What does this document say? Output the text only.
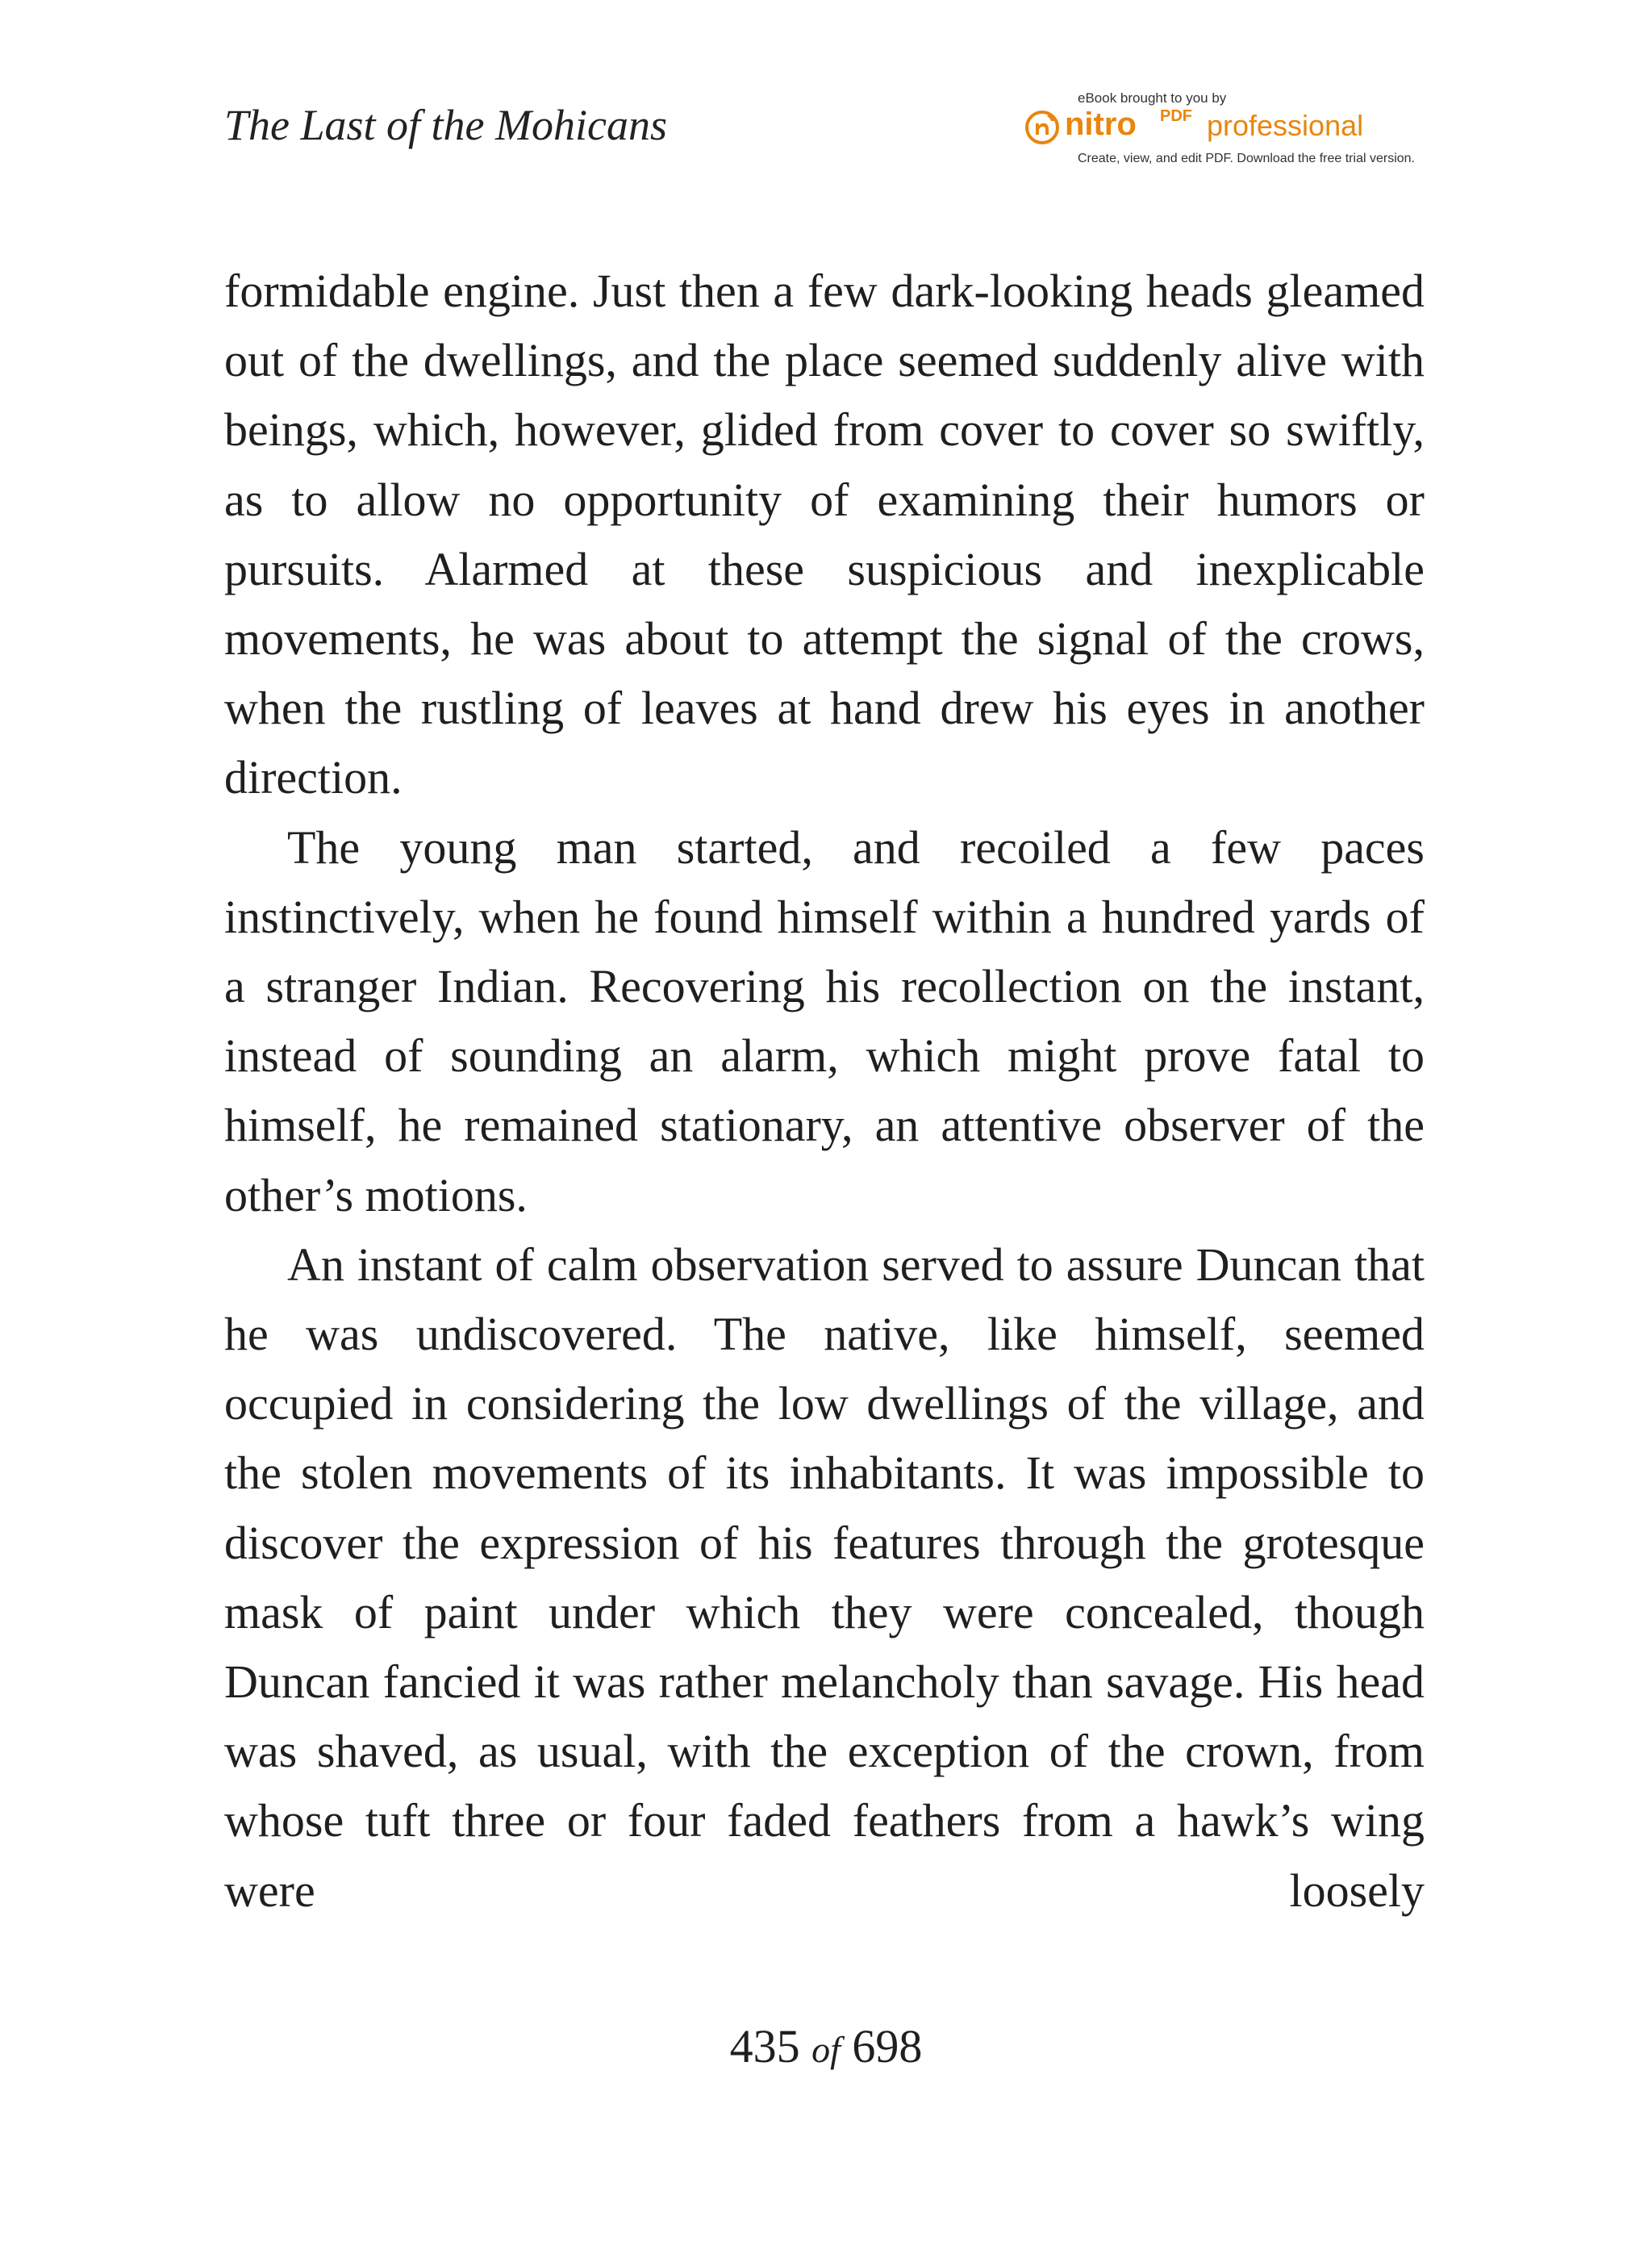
The Last of the Mohicans
eBook brought to you by
nitro PDF professional
Create, view, and edit PDF. Download the free trial version.

formidable engine. Just then a few dark-looking heads gleamed out of the dwellings, and the place seemed suddenly alive with beings, which, however, glided from cover to cover so swiftly, as to allow no opportunity of examining their humors or pursuits. Alarmed at these suspicious and inexplicable movements, he was about to attempt the signal of the crows, when the rustling of leaves at hand drew his eyes in another direction.

The young man started, and recoiled a few paces instinctively, when he found himself within a hundred yards of a stranger Indian. Recovering his recollection on the instant, instead of sounding an alarm, which might prove fatal to himself, he remained stationary, an attentive observer of the other’s motions.

An instant of calm observation served to assure Duncan that he was undiscovered. The native, like himself, seemed occupied in considering the low dwellings of the village, and the stolen movements of its inhabitants. It was impossible to discover the expression of his features through the grotesque mask of paint under which they were concealed, though Duncan fancied it was rather melancholy than savage. His head was shaved, as usual, with the exception of the crown, from whose tuft three or four faded feathers from a hawk’s wing were loosely

435 of 698
